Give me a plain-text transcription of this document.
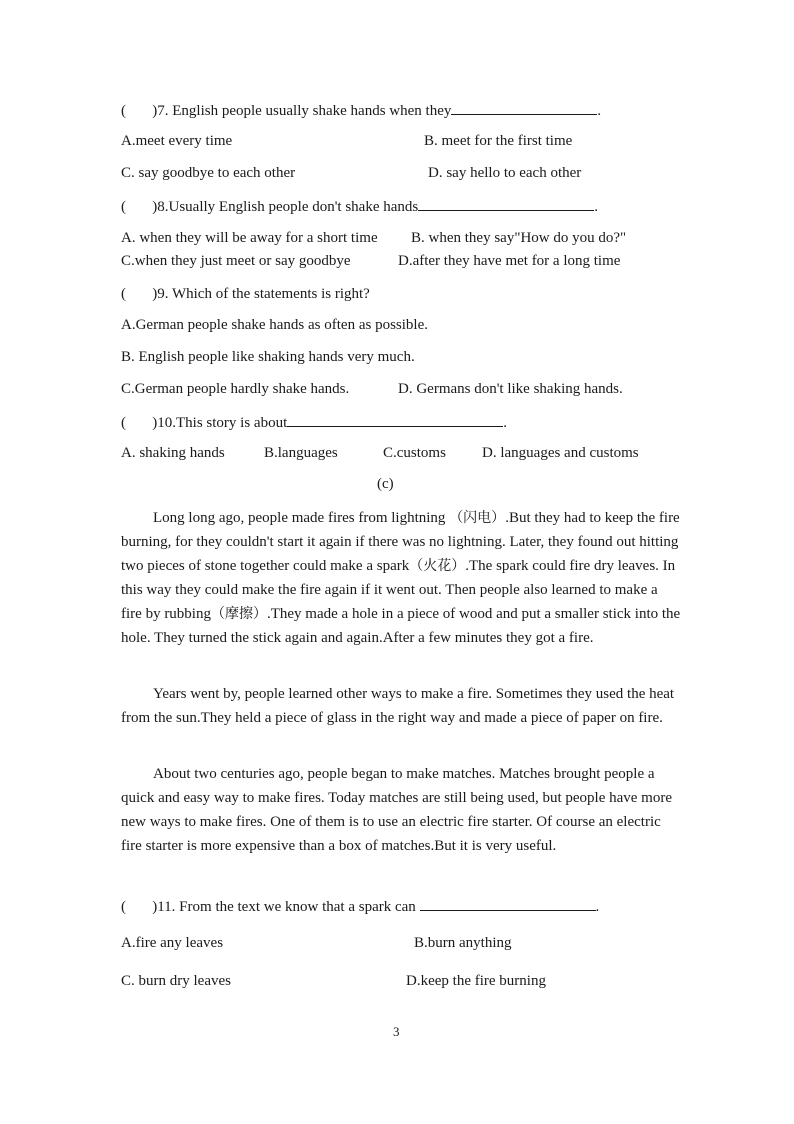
(       )7. English people usually shake hands when they	.
A.meet every time	B. meet for the first time
C. say goodbye to each other	D. say hello to each other
(       )8.Usually English people don't shake hands	.
A. when they will be away for a short time B. when they say"How do you do?"
C.when they just meet or say goodbye	D.after they have met for a long time
(       )9. Which of the statements is right?
A.German people shake hands as often as possible.
B. English people like shaking hands very much.
C.German people hardly shake hands.	D. Germans don't like shaking hands.
(       )10.This story is about	.
A. shaking hands	B.languages	C.customs D. languages and customs
(c)
Long long ago, people made fires from lightning （闪电）.But they had to keep the fire burning, for they couldn't start it again if there was no lightning. Later, they found out hitting two pieces of stone together could make a spark（火花）.The spark could fire dry leaves. In this way they could make the fire again if it went out. Then people also learned to make a fire by rubbing（摩擦）.They made a hole in a piece of wood and put a smaller stick into the hole. They turned the stick again and again.After a few minutes they got a fire.
Years went by, people learned other ways to make a fire. Sometimes they used the heat from the sun.They held a piece of glass in the right way and made a piece of paper on fire.
About two centuries ago, people began to make matches. Matches brought people a quick and easy way to make fires. Today matches are still being used, but people have more new ways to make fires. One of them is to use an electric fire starter. Of course an electric fire starter is more expensive than a box of matches.But it is very useful.
(       )11. From the text we know that a spark can	.
A.fire any leaves	B.burn anything
C. burn dry leaves	D.keep the fire burning
3
